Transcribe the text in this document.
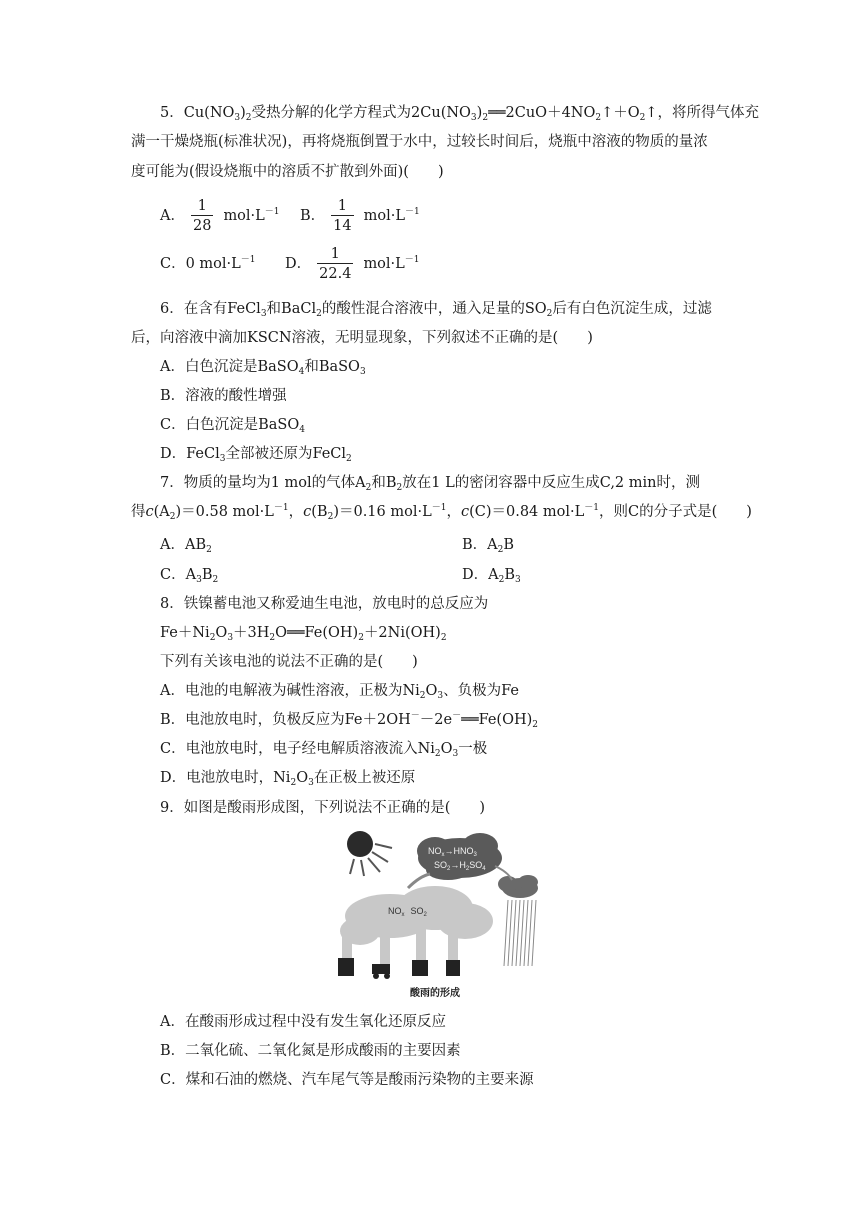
5．$Cu(NO_3)_2$受热分解的化学方程式为$2Cu(NO_3)_2══2CuO+4NO_2↑+O_2↑$，将所得气体充
满一干燥烧瓶(标准状况)，再将烧瓶倒置于水中，过较长时间后，烧瓶中溶液的物质的量浓
度可能为(假设烧瓶中的溶质不扩散到外面)(　　)
A． $\frac{1}{28} mol\cdot L^{-1}$ B． $\frac{1}{14} mol\cdot L^{-1}$
C．0 $mol\cdot L^{-1}$ D． $\frac{1}{22.4} mol\cdot L^{-1}$
6．在含有FeCl$_3$和BaCl$_2$的酸性混合溶液中，通入足量的$SO_2$后有白色沉淀生成，过滤
后，向溶液中滴加KSCN溶液，无明显现象，下列叙述不正确的是(　　)
A．白色沉淀是BaSO$_4$和BaSO$_3$
B．溶液的酸性增强
C．白色沉淀是BaSO$_4$
D．FeCl$_3$全部被还原为FeCl$_2$
7．物质的量均为1 mol的气体$A_2$和$B_2$放在1 L的密闭容器中反应生成C,2 min时，测
得$c(A_2)=0.58$ $mol\cdot L^{-1}$，$c(B_2)=0.16$ $mol\cdot L^{-1}$，c(C)＝0.84 $mol\cdot L^{-1}$，则C的分子式是(　　)
A．$AB_2$	B．$A_2B$
C．$A_3B_2$	D．$A_2B_3$
8．铁镍蓄电池又称爱迪生电池，放电时的总反应为
$Fe+Ni_2O_3+3H_2O══Fe(OH)_2+2Ni(OH)_2$
下列有关该电池的说法不正确的是(　　)
A．电池的电解液为碱性溶液，正极为$Ni_2O_3$、负极为Fe
B．电池放电时，负极反应为$Fe+2OH^--2e^-══Fe(OH)_2$
C．电池放电时，电子经电解质溶液流入$Ni_2O_3$一极
D．电池放电时，$Ni_2O_3$在正极上被还原
9．如图是酸雨形成图，下列说法不正确的是(　　)
$NO_x\to HNO_3$
$SO_2\to H_2SO_4$
$NO_x$ $SO_2$
酸雨的形成
A．在酸雨形成过程中没有发生氧化还原反应
B．二氧化硫、二氧化氮是形成酸雨的主要因素
C．煤和石油的燃烧、汽车尾气等是酸雨污染物的主要来源
